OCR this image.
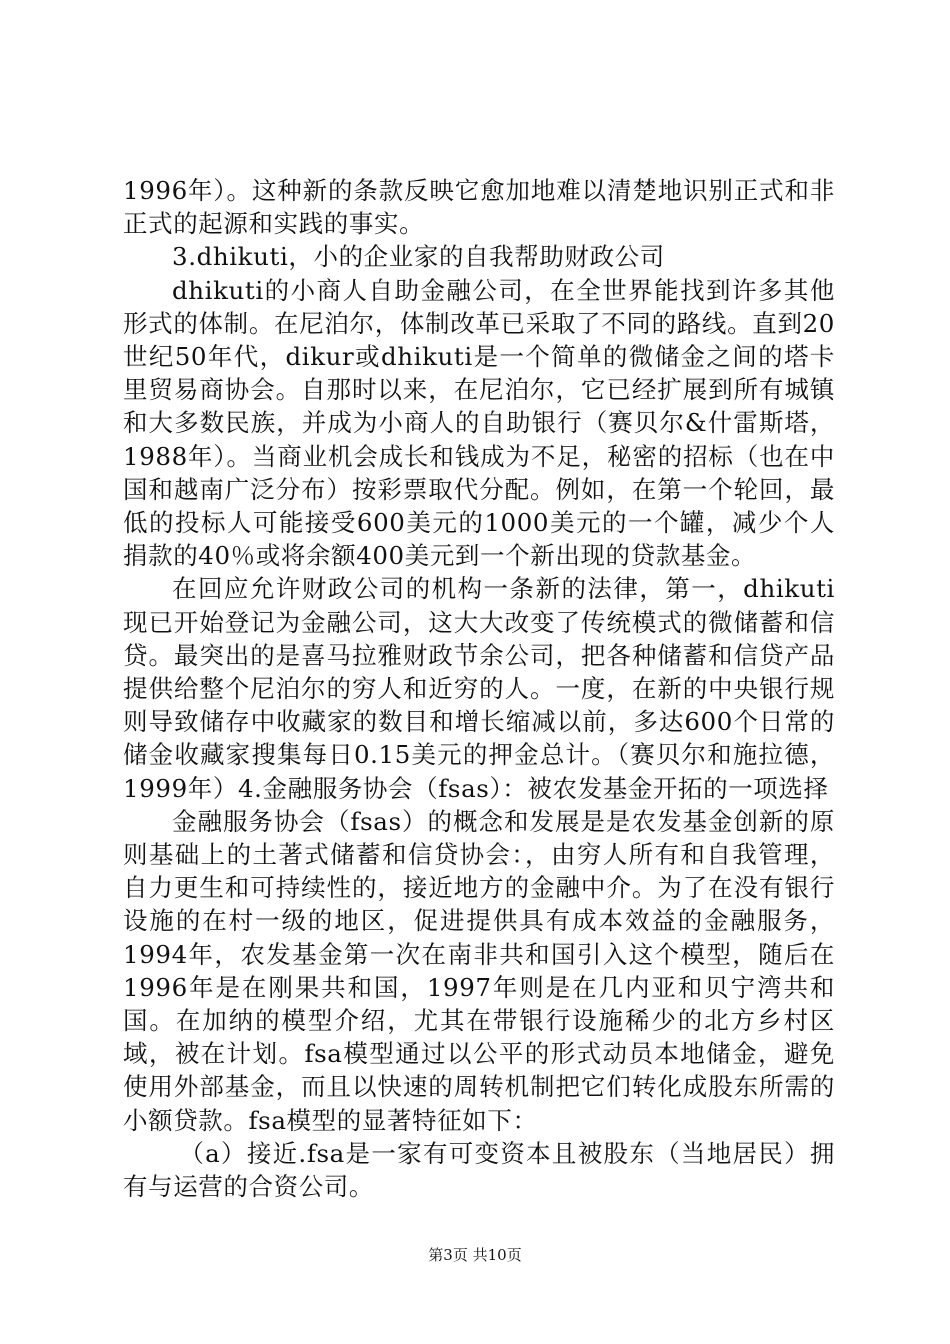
1996年）。这种新的条款反映它愈加地难以清楚地识别正式和非正式的起源和实践的事实。

3.dhikuti，小的企业家的自我帮助财政公司

dhikuti的小商人自助金融公司，在全世界能找到许多其他形式的体制。在尼泊尔，体制改革已采取了不同的路线。直到20世纪50年代，dikur或dhikuti是一个简单的微储金之间的塔卡里贸易商协会。自那时以来，在尼泊尔，它已经扩展到所有城镇和大多数民族，并成为小商人的自助银行（赛贝尔&什雷斯塔，1988年）。当商业机会成长和钱成为不足，秘密的招标（也在中国和越南广泛分布）按彩票取代分配。例如，在第一个轮回，最低的投标人可能接受600美元的1000美元的一个罐，减少个人捐款的40％或将余额400美元到一个新出现的贷款基金。

在回应允许财政公司的机构一条新的法律，第一，dhikuti现已开始登记为金融公司，这大大改变了传统模式的微储蓄和信贷。最突出的是喜马拉雅财政节余公司，把各种储蓄和信贷产品提供给整个尼泊尔的穷人和近穷的人。一度，在新的中央银行规则导致储存中收藏家的数目和增长缩减以前，多达600个日常的储金收藏家搜集每日0.15美元的押金总计。（赛贝尔和施拉德，1999年）4.金融服务协会（fsas）：被农发基金开拓的一项选择

金融服务协会（fsas）的概念和发展是是农发基金创新的原则基础上的土著式储蓄和信贷协会：，由穷人所有和自我管理，自力更生和可持续性的，接近地方的金融中介。为了在没有银行设施的在村一级的地区，促进提供具有成本效益的金融服务，1994年，农发基金第一次在南非共和国引入这个模型，随后在1996年是在刚果共和国，1997年则是在几内亚和贝宁湾共和国。在加纳的模型介绍，尤其在带银行设施稀少的北方乡村区域，被在计划。fsa模型通过以公平的形式动员本地储金，避免使用外部基金，而且以快速的周转机制把它们转化成股东所需的小额贷款。fsa模型的显著特征如下：

（a）接近.fsa是一家有可变资本且被股东（当地居民）拥有与运营的合资公司。

第3页 共10页
